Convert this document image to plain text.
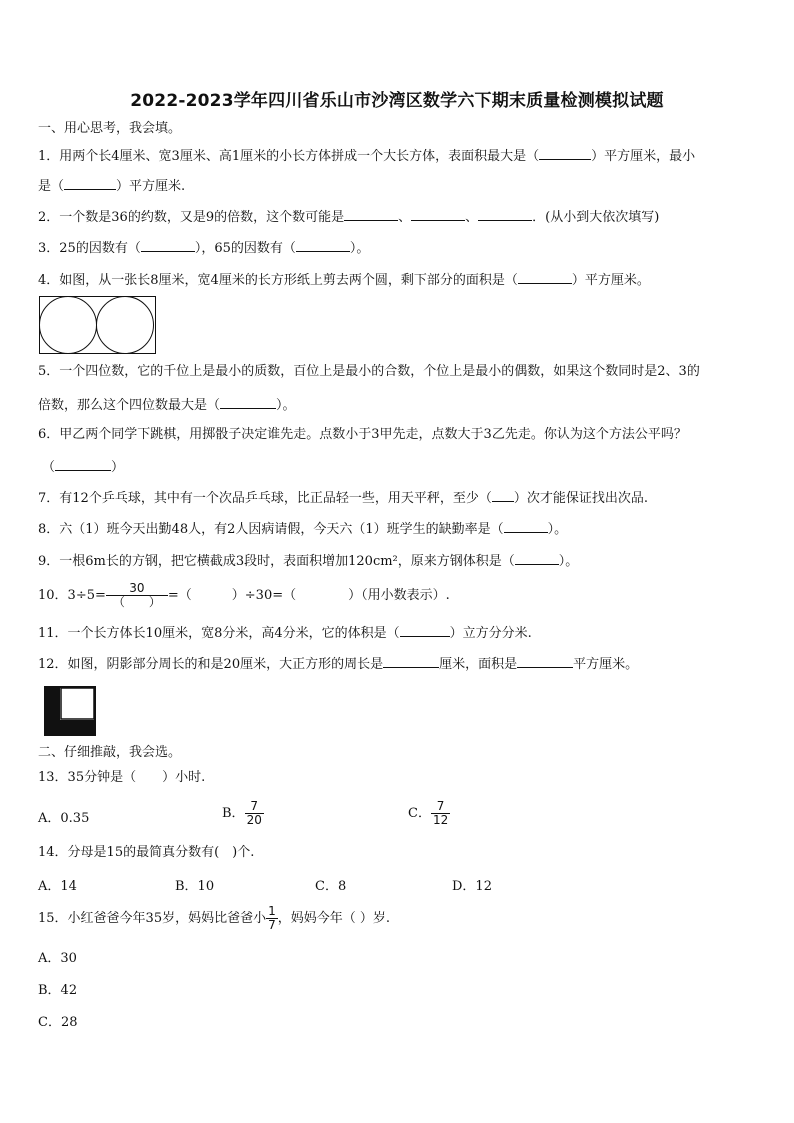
2022-2023学年四川省乐山市沙湾区数学六下期末质量检测模拟试题
一、用心思考，我会填。
1．用两个长4厘米、宽3厘米、高1厘米的小长方体拼成一个大长方体，表面积最大是（	）平方厘米，最小
是（	）平方厘米.
2．一个数是36的约数，又是9的倍数，这个数可能是	、	、	．(从小到大依次填写)
3．25的因数有（	），65的因数有（	）。
4．如图，从一张长8厘米，宽4厘米的长方形纸上剪去两个圆，剩下部分的面积是（	）平方厘米。
5．一个四位数，它的千位上是最小的质数，百位上是最小的合数，个位上是最小的偶数，如果这个数同时是2、3的
倍数，那么这个四位数最大是（	）。
6．甲乙两个同学下跳棋，用掷骰子决定谁先走。点数小于3甲先走，点数大于3乙先走。你认为这个方法公平吗？
（	）
7．有12个乒乓球，其中有一个次品乒乓球，比正品轻一些，用天平秤，至少（ ）次才能保证找出次品.
8．六（1）班今天出勤48人，有2人因病请假，今天六（1）班学生的缺勤率是（	）。
9．一根6m长的方钢，把它横截成3段时，表面积增加120cm²，原来方钢体积是（	）。
10．$3\div 5= \frac{30}{( )}$ =（	）÷30=（	）（用小数表示）.
11．一个长方体长10厘米，宽8分米，高4分米，它的体积是（	）立方分分米.
12．如图，阴影部分周长的和是20厘米，大正方形的周长是	厘米，面积是	平方厘米。
二、仔细推敲，我会选。
13．35分钟是（　　）小时.
A．0.35	B． $\frac{7}{20}$	C． $\frac{7}{12}$
14．分母是15的最简真分数有(　)个.
A．14	B．10	C．8	D．12
15．小红爸爸今年35岁，妈妈比爸爸小 $\frac{1}{7}$ ，妈妈今年（ ）岁.
A．30
B．42
C．28
